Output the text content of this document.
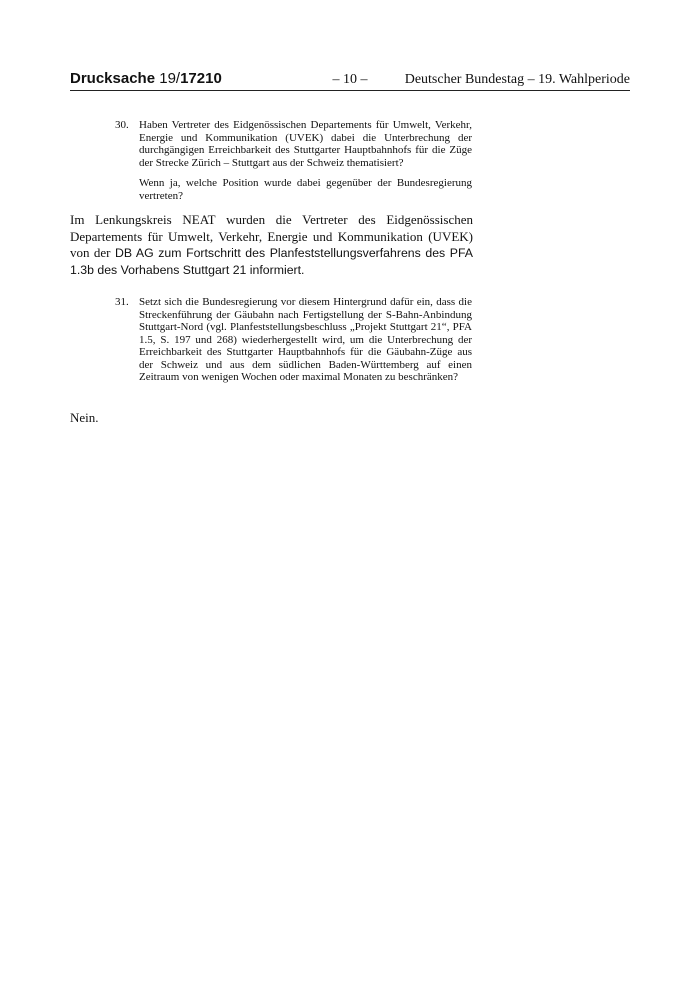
Drucksache 19/17210	– 10 –	Deutscher Bundestag – 19. Wahlperiode
30. Haben Vertreter des Eidgenössischen Departements für Umwelt, Verkehr, Energie und Kommunikation (UVEK) dabei die Unterbrechung der durchgängigen Erreichbarkeit des Stuttgarter Hauptbahnhofs für die Züge der Strecke Zürich – Stuttgart aus der Schweiz thematisiert?

Wenn ja, welche Position wurde dabei gegenüber der Bundesregierung vertreten?

Im Lenkungskreis NEAT wurden die Vertreter des Eidgenössischen Departements für Umwelt, Verkehr, Energie und Kommunikation (UVEK) von der DB AG zum Fortschritt des Planfeststellungsverfahrens des PFA 1.3b des Vorhabens Stuttgart 21 informiert.

31. Setzt sich die Bundesregierung vor diesem Hintergrund dafür ein, dass die Streckenführung der Gäubahn nach Fertigstellung der S-Bahn-Anbindung Stuttgart-Nord (vgl. Planfeststellungsbeschluss „Projekt Stuttgart 21“, PFA 1.5, S. 197 und 268) wiederhergestellt wird, um die Unterbrechung der Erreichbarkeit des Stuttgarter Hauptbahnhofs für die Gäubahn-Züge aus der Schweiz und aus dem südlichen Baden-Württemberg auf einen Zeitraum von wenigen Wochen oder maximal Monaten zu beschränken?

Nein.
